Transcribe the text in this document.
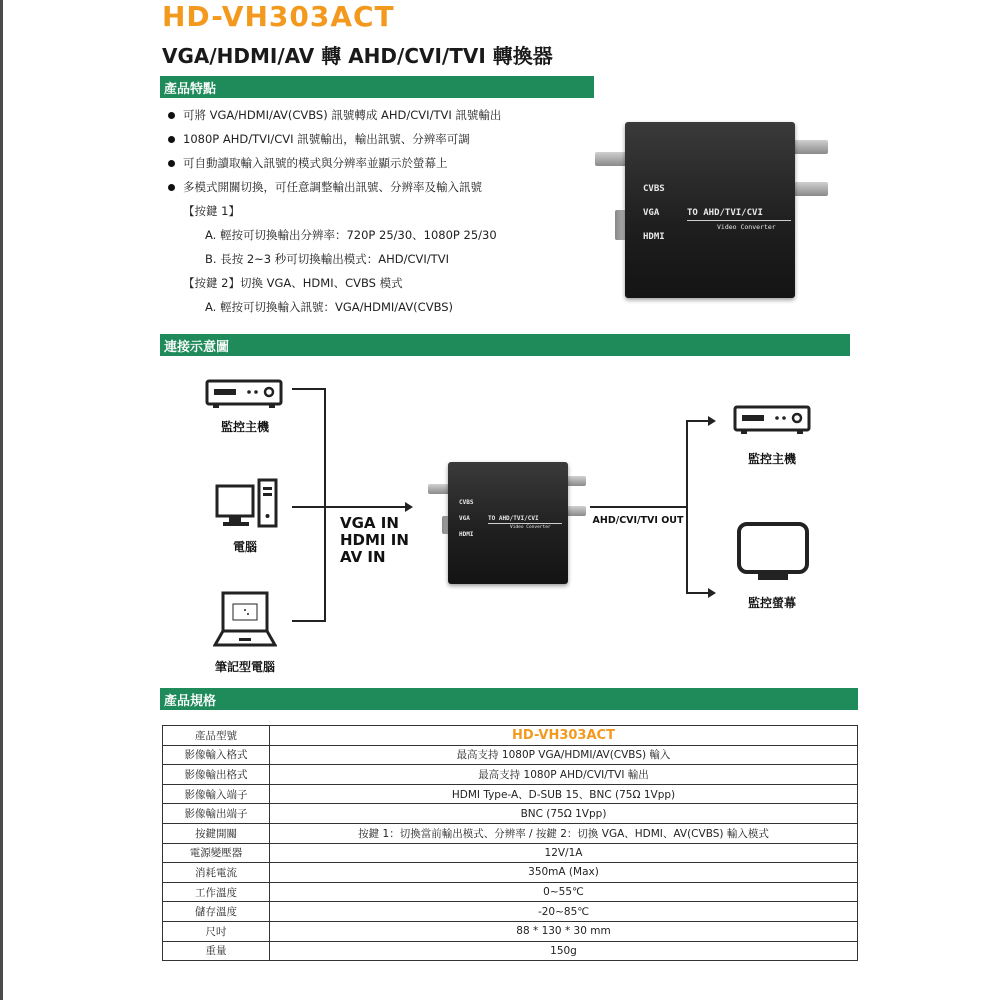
HD-VH303ACT
VGA/HDMI/AV 轉 AHD/CVI/TVI 轉換器
產品特點
可將 VGA/HDMI/AV(CVBS) 訊號轉成 AHD/CVI/TVI 訊號輸出
1080P AHD/TVI/CVI 訊號輸出，輸出訊號、分辨率可調
可自動讀取輸入訊號的模式與分辨率並顯示於螢幕上
多模式開關切換，可任意調整輸出訊號、分辨率及輸入訊號
【按鍵 1】
A. 輕按可切換輸出分辨率：720P 25/30、1080P 25/30
B. 長按 2~3 秒可切換輸出模式：AHD/CVI/TVI
【按鍵 2】切換 VGA、HDMI、CVBS 模式
A. 輕按可切換輸入訊號：VGA/HDMI/AV(CVBS)
CVBS
VGA
HDMI
TO AHD/TVI/CVI
Video Converter
連接示意圖
監控主機
電腦
筆記型電腦
VGA IN
HDMI IN
AV IN
CVBS
VGA
HDMI
TO AHD/TVI/CVI
Video Converter
AHD/CVI/TVI OUT
監控主機
監控螢幕
產品規格
產品型號	HD-VH303ACT
影像輸入格式	最高支持 1080P VGA/HDMI/AV(CVBS) 輸入
影像輸出格式	最高支持 1080P AHD/CVI/TVI 輸出
影像輸入端子	HDMI Type-A、D-SUB 15、BNC (75Ω 1Vpp)
影像輸出端子	BNC (75Ω 1Vpp)
按鍵開關	按鍵 1：切換當前輸出模式、分辨率 / 按鍵 2：切換 VGA、HDMI、AV(CVBS) 輸入模式
電源變壓器	12V/1A
消耗電流	350mA (Max)
工作溫度	0~55℃
儲存溫度	-20~85℃
尺吋	88 * 130 * 30 mm
重量	150g
